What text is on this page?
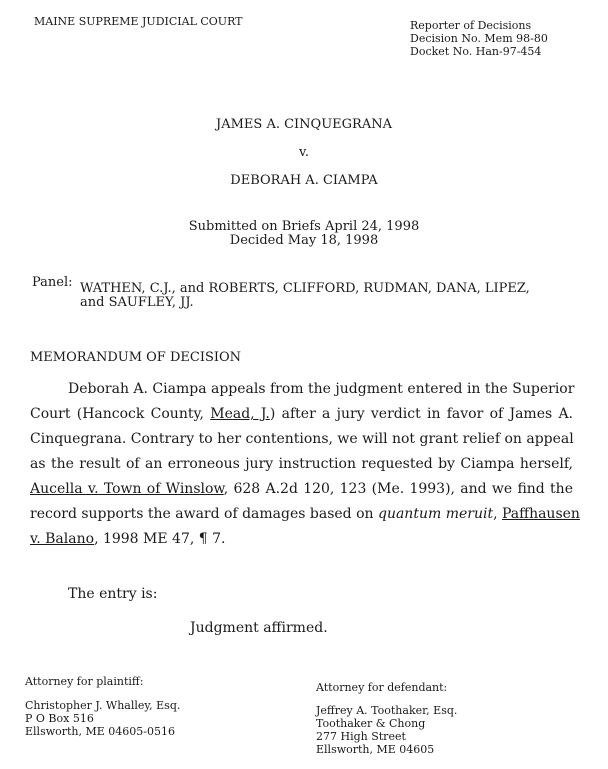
MAINE SUPREME JUDICIAL COURT	Reporter of Decisions
Decision No. Mem 98-80
Docket No. Han-97-454
JAMES A. CINQUEGRANA
v.
DEBORAH A. CIAMPA
Submitted on Briefs April 24, 1998
Decided May 18, 1998
Panel: WATHEN, C.J., and ROBERTS, CLIFFORD, RUDMAN, DANA, LIPEZ,
and SAUFLEY, JJ.
MEMORANDUM OF DECISION
Deborah A. Ciampa appeals from the judgment entered in the Superior
Court (Hancock County, Mead, J.) after a jury verdict in favor of James A.
Cinquegrana. Contrary to her contentions, we will not grant relief on appeal
as the result of an erroneous jury instruction requested by Ciampa herself,
Aucella v. Town of Winslow, 628 A.2d 120, 123 (Me. 1993), and we find the
record supports the award of damages based on quantum meruit, Paffhausen
v. Balano, 1998 ME 47, ¶ 7.
The entry is:
Judgment affirmed.
Attorney for plaintiff:
Christopher J. Whalley, Esq.
P O Box 516
Ellsworth, ME 04605-0516
Attorney for defendant:
Jeffrey A. Toothaker, Esq.
Toothaker & Chong
277 High Street
Ellsworth, ME 04605
